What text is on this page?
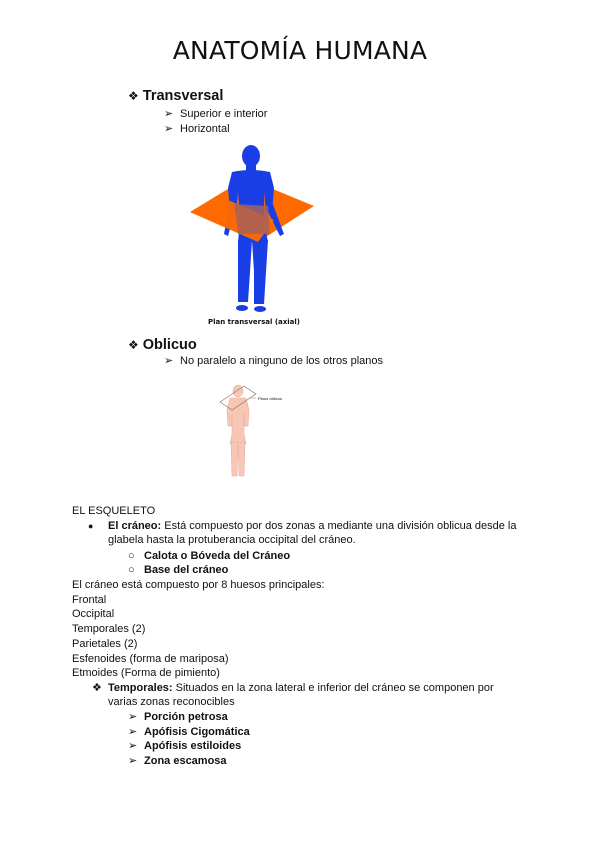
ANATOMÍA HUMANA
❖ Transversal
➢ Superior e interior
➢ Horizontal
Plan transversal (axial)
❖ Oblicuo
➢ No paralelo a ninguno de los otros planos
Plano oblicuo
EL ESQUELETO
● El cráneo: Está compuesto por dos zonas a mediante una división oblicua desde la
glabela hasta la protuberancia occipital del cráneo.
○ Calota o Bóveda del Cráneo
○ Base del cráneo
El cráneo está compuesto por 8 huesos principales:
Frontal
Occipital
Temporales (2)
Parietales (2)
Esfenoides (forma de mariposa)
Etmoides (Forma de pimiento)
❖ Temporales: Situados en la zona lateral e inferior del cráneo se componen por
varias zonas reconocibles
➢ Porción petrosa
➢ Apófisis Cigomática
➢ Apófisis estiloides
➢ Zona escamosa
